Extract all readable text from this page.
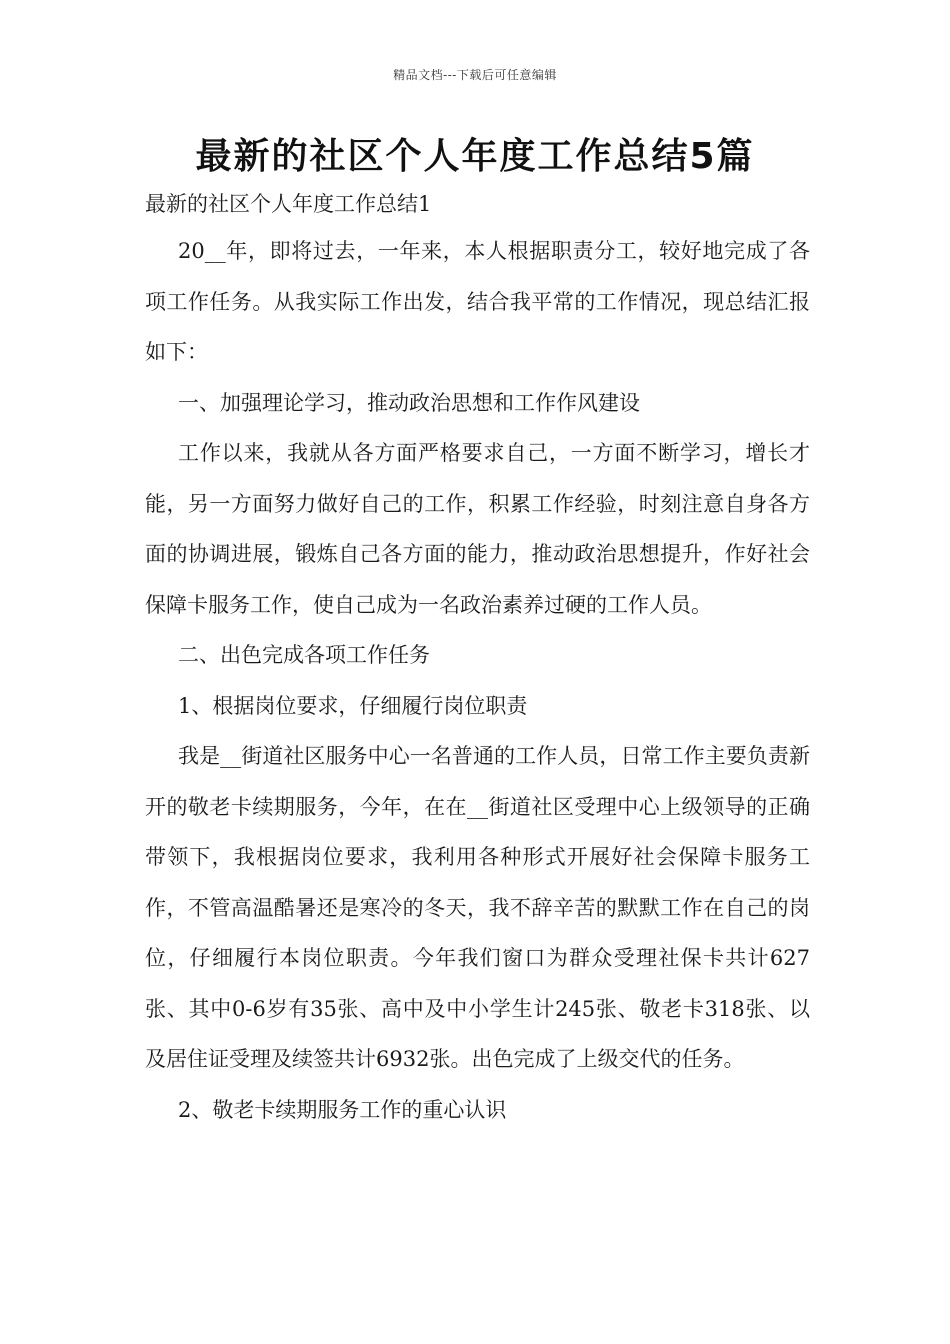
精品文档---下载后可任意编辑
最新的社区个人年度工作总结5篇
最新的社区个人年度工作总结1

20__年，即将过去，一年来，本人根据职责分工，较好地完成了各项工作任务。从我实际工作出发，结合我平常的工作情况，现总结汇报如下：

一、加强理论学习，推动政治思想和工作作风建设

工作以来，我就从各方面严格要求自己，一方面不断学习，增长才能，另一方面努力做好自己的工作，积累工作经验，时刻注意自身各方面的协调进展，锻炼自己各方面的能力，推动政治思想提升，作好社会保障卡服务工作，使自己成为一名政治素养过硬的工作人员。

二、出色完成各项工作任务

1、根据岗位要求，仔细履行岗位职责

我是__街道社区服务中心一名普通的工作人员，日常工作主要负责新开的敬老卡续期服务，今年，在在__街道社区受理中心上级领导的正确带领下，我根据岗位要求，我利用各种形式开展好社会保障卡服务工作，不管高温酷暑还是寒冷的冬天，我不辞辛苦的默默工作在自己的岗位，仔细履行本岗位职责。今年我们窗口为群众受理社保卡共计627张、其中0-6岁有35张、高中及中小学生计245张、敬老卡318张、以及居住证受理及续签共计6932张。出色完成了上级交代的任务。

2、敬老卡续期服务工作的重心认识
